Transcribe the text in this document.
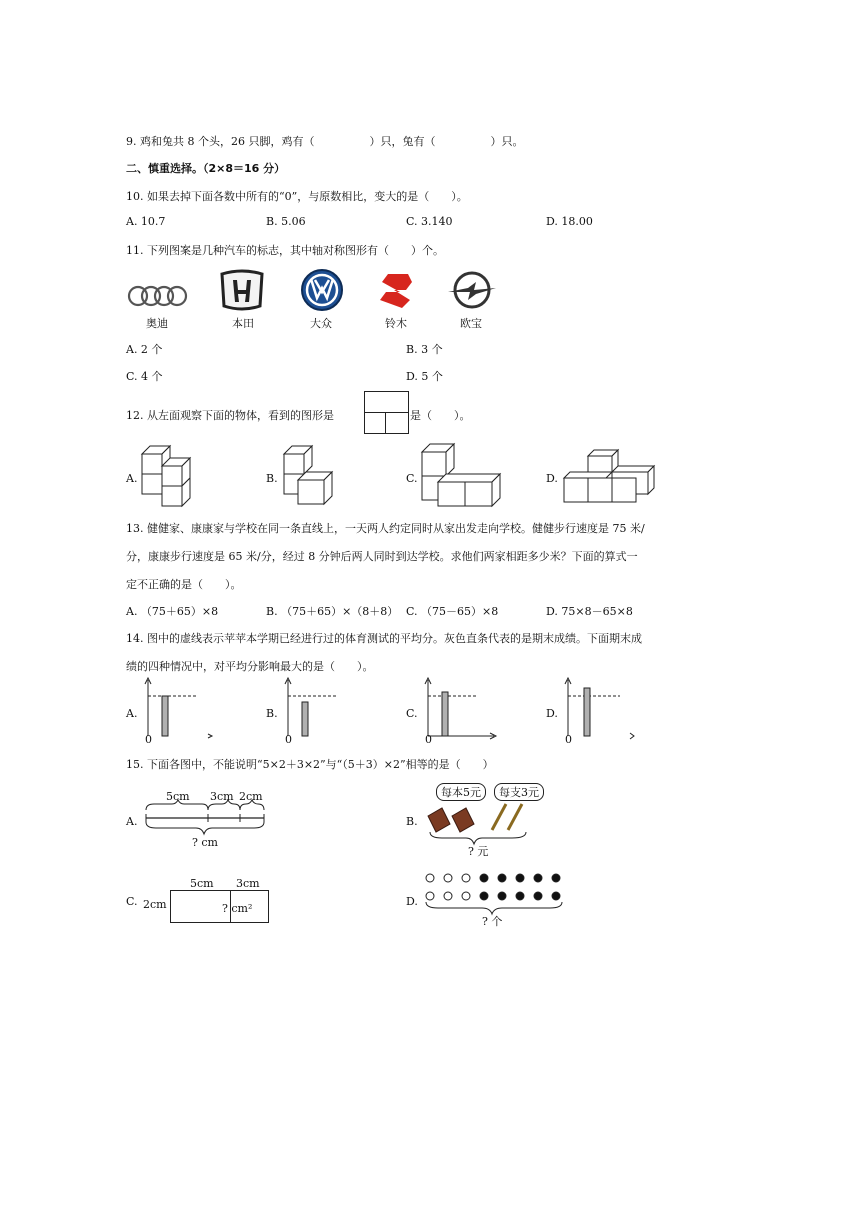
9. 鸡和兔共 8 个头，26 只脚，鸡有（　　　　　）只，兔有（　　　　　）只。
二、慎重选择。（2×8＝16 分）
10. 如果去掉下面各数中所有的“0”，与原数相比，变大的是（　　）。
A. 10.7	B. 5.06	C. 3.140	D. 18.00
11. 下列图案是几种汽车的标志，其中轴对称图形有（　　）个。
奥迪	本田	大众	铃木	欧宝
A. 2 个	B. 3 个
C. 4 个	D. 5 个
12. 从左面观察下面的物体，看到的图形是	是（　　）。
A.	B.	C.	D.
13. 健健家、康康家与学校在同一条直线上，一天两人约定同时从家出发走向学校。健健步行速度是 75 米/
分，康康步行速度是 65 米/分，经过 8 分钟后两人同时到达学校。求他们两家相距多少米？下面的算式一
定不正确的是（　　）。
A. （75＋65）×8	B. （75＋65）×（8＋8） C. （75－65）×8	D. 75×8－65×8
14. 图中的虚线表示苹苹本学期已经进行过的体育测试的平均分。灰色直条代表的是期末成绩。下面期末成
绩的四种情况中，对平均分影响最大的是（　　）。
A.
0
B.
0
C.
0
D.
0
15. 下面各图中，不能说明“5×2＋3×2”与“（5＋3）×2”相等的是（　　）
A.
5cm 3cm 2cm
? cm
B.
每本5元	每支3元
? 元
C. 2cm
5cm 3cm
? cm²
D.
? 个
